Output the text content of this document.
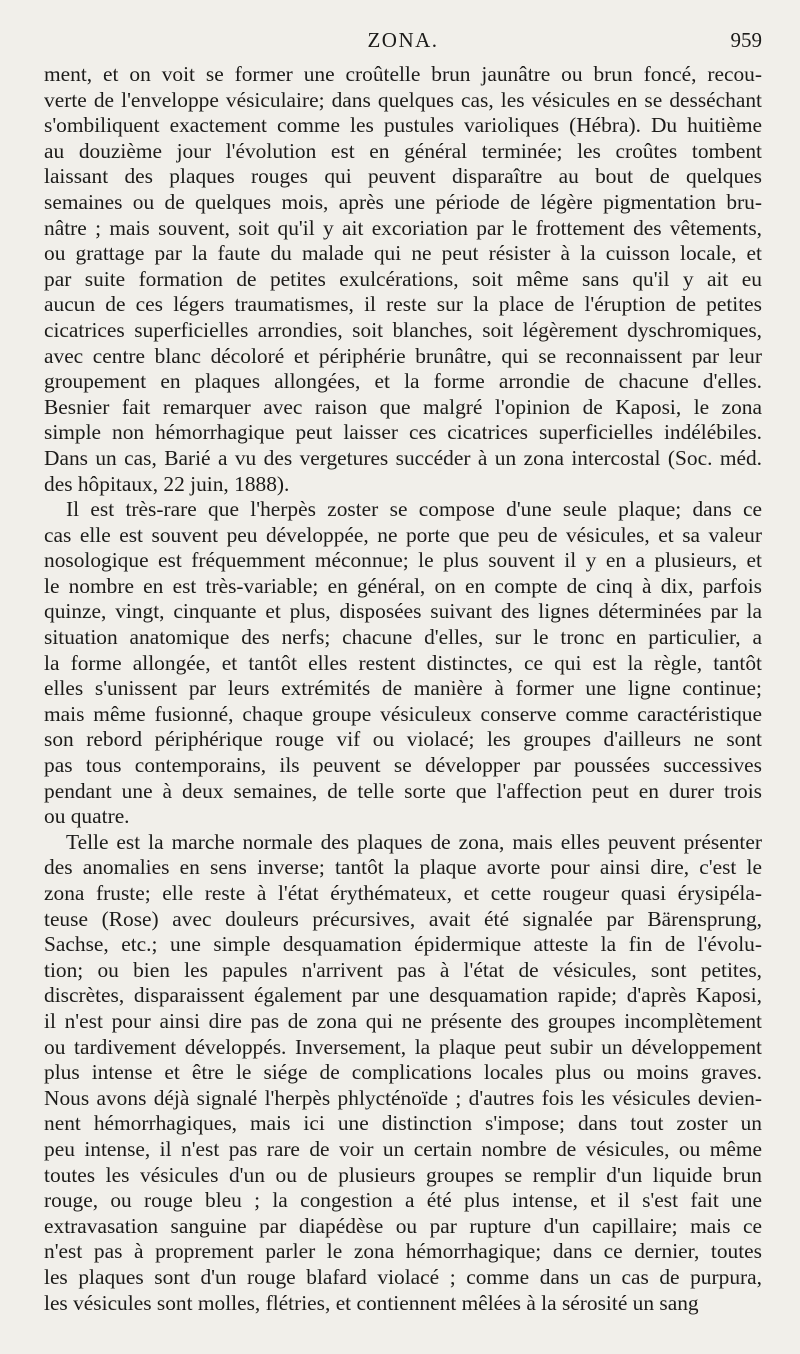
ZONA.	959
ment, et on voit se former une croûtelle brun jaunâtre ou brun foncé, recou-
verte de l'enveloppe vésiculaire; dans quelques cas, les vésicules en se desséchant
s'ombiliquent exactement comme les pustules varioliques (Hébra). Du huitième
au douzième jour l'évolution est en général terminée; les croûtes tombent
laissant des plaques rouges qui peuvent disparaître au bout de quelques
semaines ou de quelques mois, après une période de légère pigmentation bru-
nâtre ; mais souvent, soit qu'il y ait excoriation par le frottement des vêtements,
ou grattage par la faute du malade qui ne peut résister à la cuisson locale, et
par suite formation de petites exulcérations, soit même sans qu'il y ait eu
aucun de ces légers traumatismes, il reste sur la place de l'éruption de petites
cicatrices superficielles arrondies, soit blanches, soit légèrement dyschromiques,
avec centre blanc décoloré et périphérie brunâtre, qui se reconnaissent par leur
groupement en plaques allongées, et la forme arrondie de chacune d'elles.
Besnier fait remarquer avec raison que malgré l'opinion de Kaposi, le zona
simple non hémorrhagique peut laisser ces cicatrices superficielles indélébiles.
Dans un cas, Barié a vu des vergetures succéder à un zona intercostal (Soc. méd.
des hôpitaux, 22 juin, 1888).
Il est très-rare que l'herpès zoster se compose d'une seule plaque; dans ce
cas elle est souvent peu développée, ne porte que peu de vésicules, et sa valeur
nosologique est fréquemment méconnue; le plus souvent il y en a plusieurs, et
le nombre en est très-variable; en général, on en compte de cinq à dix, parfois
quinze, vingt, cinquante et plus, disposées suivant des lignes déterminées par la
situation anatomique des nerfs; chacune d'elles, sur le tronc en particulier, a
la forme allongée, et tantôt elles restent distinctes, ce qui est la règle, tantôt
elles s'unissent par leurs extrémités de manière à former une ligne continue;
mais même fusionné, chaque groupe vésiculeux conserve comme caractéristique
son rebord périphérique rouge vif ou violacé; les groupes d'ailleurs ne sont
pas tous contemporains, ils peuvent se développer par poussées successives
pendant une à deux semaines, de telle sorte que l'affection peut en durer trois
ou quatre.
Telle est la marche normale des plaques de zona, mais elles peuvent présenter
des anomalies en sens inverse; tantôt la plaque avorte pour ainsi dire, c'est le
zona fruste; elle reste à l'état érythémateux, et cette rougeur quasi érysipéla-
teuse (Rose) avec douleurs précursives, avait été signalée par Bärensprung,
Sachse, etc.; une simple desquamation épidermique atteste la fin de l'évolu-
tion; ou bien les papules n'arrivent pas à l'état de vésicules, sont petites,
discrètes, disparaissent également par une desquamation rapide; d'après Kaposi,
il n'est pour ainsi dire pas de zona qui ne présente des groupes incomplètement
ou tardivement développés. Inversement, la plaque peut subir un développement
plus intense et être le siége de complications locales plus ou moins graves.
Nous avons déjà signalé l'herpès phlycténoïde ; d'autres fois les vésicules devien-
nent hémorrhagiques, mais ici une distinction s'impose; dans tout zoster un
peu intense, il n'est pas rare de voir un certain nombre de vésicules, ou même
toutes les vésicules d'un ou de plusieurs groupes se remplir d'un liquide brun
rouge, ou rouge bleu ; la congestion a été plus intense, et il s'est fait une
extravasation sanguine par diapédèse ou par rupture d'un capillaire; mais ce
n'est pas à proprement parler le zona hémorrhagique; dans ce dernier, toutes
les plaques sont d'un rouge blafard violacé ; comme dans un cas de purpura,
les vésicules sont molles, flétries, et contiennent mêlées à la sérosité un sang
